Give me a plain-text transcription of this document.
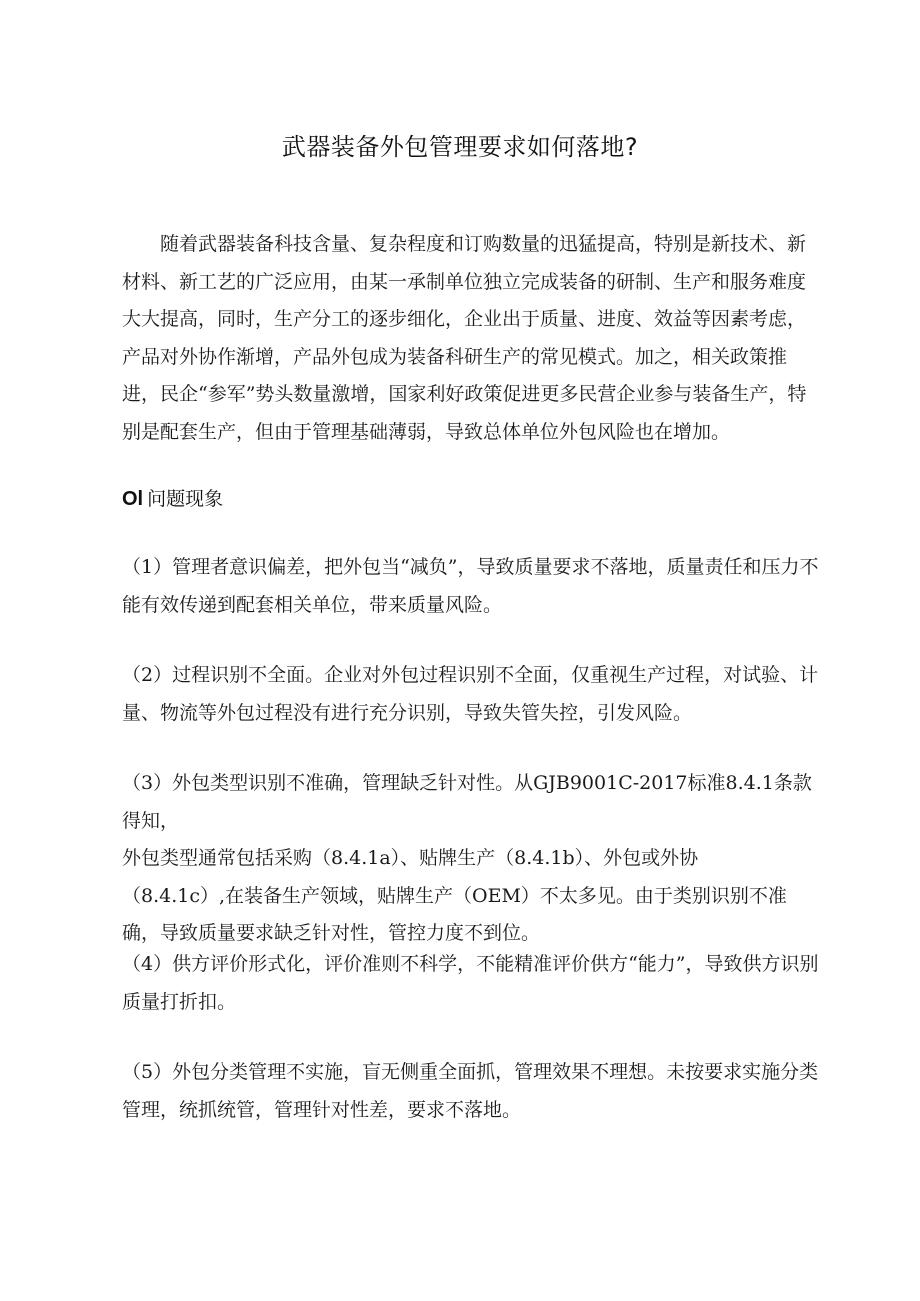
武器装备外包管理要求如何落地?

随着武器装备科技含量、复杂程度和订购数量的迅猛提高，特别是新技术、新材料、新工艺的广泛应用，由某一承制单位独立完成装备的研制、生产和服务难度大大提高，同时，生产分工的逐步细化，企业出于质量、进度、效益等因素考虑，产品对外协作渐增，产品外包成为装备科研生产的常见模式。加之，相关政策推进，民企“参军”势头数量激增，国家利好政策促进更多民营企业参与装备生产，特别是配套生产，但由于管理基础薄弱，导致总体单位外包风险也在增加。

Ol 问题现象

（1）管理者意识偏差，把外包当“减负”，导致质量要求不落地，质量责任和压力不能有效传递到配套相关单位，带来质量风险。

（2）过程识别不全面。企业对外包过程识别不全面，仅重视生产过程，对试验、计量、物流等外包过程没有进行充分识别，导致失管失控，引发风险。

（3）外包类型识别不准确，管理缺乏针对性。从GJB9001C-2017标准8.4.1条款得知，
外包类型通常包括采购（8.4.1a）、贴牌生产（8.4.1b）、外包或外协
（8.4.1c）,在装备生产领域，贴牌生产（OEM）不太多见。由于类别识别不准确，导致质量要求缺乏针对性，管控力度不到位。

（4）供方评价形式化，评价准则不科学，不能精准评价供方“能力”，导致供方识别质量打折扣。

（5）外包分类管理不实施，盲无侧重全面抓，管理效果不理想。未按要求实施分类管理，统抓统管，管理针对性差，要求不落地。
